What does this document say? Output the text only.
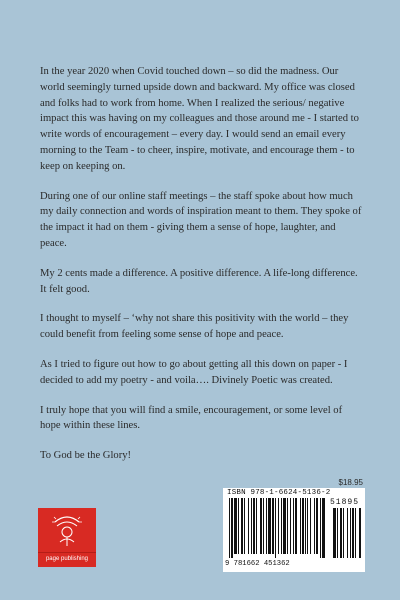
In the year 2020 when Covid touched down – so did the madness. Our world seemingly turned upside down and backward. My office was closed and folks had to work from home. When I realized the serious/ negative impact this was having on my colleagues and those around me - I started to write words of encouragement – every day. I would send an email every morning to the Team - to cheer, inspire, motivate, and encourage them - to keep on keeping on.

During one of our online staff meetings – the staff spoke about how much my daily connection and words of inspiration meant to them. They spoke of the impact it had on them - giving them a sense of hope, laughter, and peace.

My 2 cents made a difference. A positive difference. A life-long difference. It felt good.

I thought to myself – ‘why not share this positivity with the world – they could benefit from feeling some sense of hope and peace.

As I tried to figure out how to go about getting all this down on paper - I decided to add my poetry - and voila…. Divinely Poetic was created.

I truly hope that you will find a smile, encouragement, or some level of hope within these lines.

To God be the Glory!

page publishing
$18.95
ISBN 978-1-6624-5136-2
51895
9 781662 451362
